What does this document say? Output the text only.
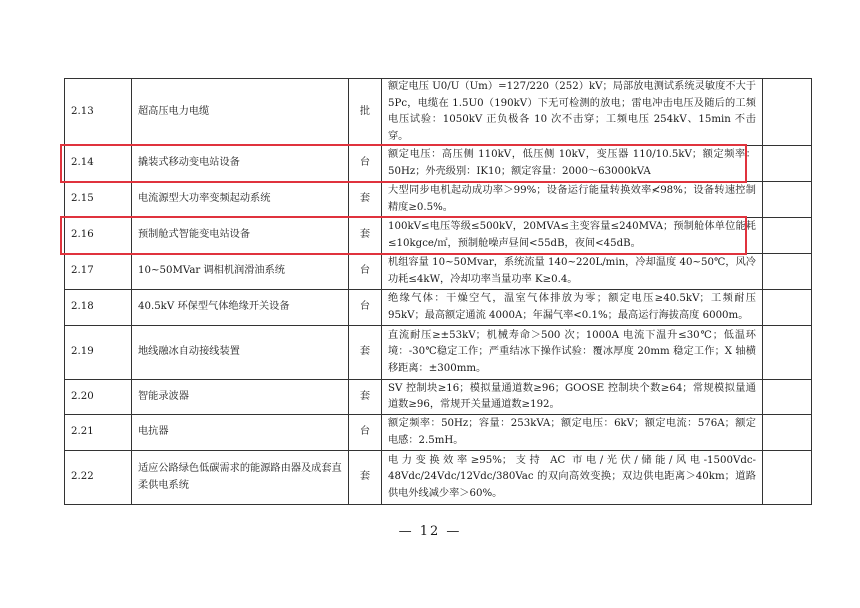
2.13	超高压电力电缆	批	额定电压 U0/U（Um）=127/220（252）kV；局部放电测试系统灵敏度不大于5Pc，电缆在 1.5U0（190kV）下无可检测的放电；雷电冲击电压及随后的工频电压试验：1050kV 正负极各 10 次不击穿；工频电压 254kV、15min 不击穿。	
2.14	撬装式移动变电站设备	台	额定电压：高压侧 110kV，低压侧 10kV，变压器 110/10.5kV；额定频率：50Hz；外壳级别：IK10；额定容量：2000～63000kVA	
2.15	电流源型大功率变频起动系统	套	大型同步电机起动成功率＞99%；设备运行能量转换效率≮98%；设备转速控制精度≥0.5%。	
2.16	预制舱式智能变电站设备	套	100kV≤电压等级≤500kV，20MVA≤主变容量≤240MVA；预制舱体单位能耗≤10kgce/㎡，预制舱噪声昼间<55dB，夜间<45dB。	
2.17	10~50MVar 调相机润滑油系统	台	机组容量 10~50Mvar，系统流量 140~220L/min，冷却温度 40~50℃，风冷功耗≤4kW，冷却功率当量功率 K≥0.4。	
2.18	40.5kV 环保型气体绝缘开关设备	台	绝缘气体：干燥空气，温室气体排放为零；额定电压≥40.5kV；工频耐压 95kV；最高额定通流 4000A；年漏气率<0.1%；最高运行海拔高度 6000m。	
2.19	地线融冰自动接线装置	套	直流耐压≥±53kV；机械寿命＞500 次；1000A 电流下温升≤30℃；低温环境：-30℃稳定工作；严重结冰下操作试验：覆冰厚度 20mm 稳定工作；X 轴横移距离：±300mm。	
2.20	智能录波器	套	SV 控制块≥16；模拟量通道数≥96；GOOSE 控制块个数≥64；常规模拟量通道数≥96，常规开关量通道数≥192。	
2.21	电抗器	台	额定频率：50Hz；容量：253kVA；额定电压：6kV；额定电流：576A；额定电感：2.5mH。	
2.22	适应公路绿色低碳需求的能源路由器及成套直柔供电系统	套	电力变换效率≥95%；支持 AC 市电/光伏/储能/风电-1500Vdc-48Vdc/24Vdc/12Vdc/380Vac 的双向高效变换；双边供电距离＞40km；道路供电外线减少率＞60%。	
— 12 —
